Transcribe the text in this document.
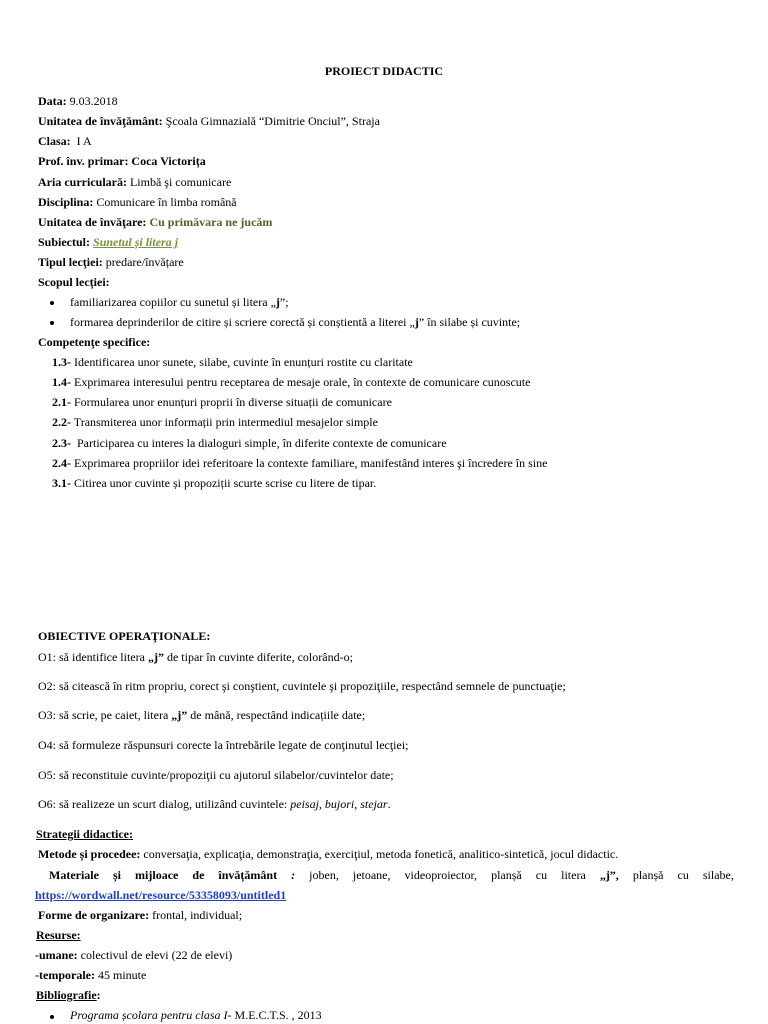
PROIECT DIDACTIC
Data: 9.03.2018
Unitatea de învăţământ: Şcoala Gimnazială “Dimitrie Onciul”, Straja
Clasa: I A
Prof. înv. primar: Coca Victorița
Aria curriculară: Limbă şi comunicare
Disciplina: Comunicare în limba română
Unitatea de învăţare: Cu primăvara ne jucăm
Subiectul: Sunetul și litera j
Tipul lecţiei: predare/învățare
Scopul lecției:
familiarizarea copiilor cu sunetul și litera „j”;
formarea deprinderilor de citire și scriere corectă și conștientă a literei „j” în silabe și cuvinte;
Competenţe specifice:
1.3- Identificarea unor sunete, silabe, cuvinte în enunțuri rostite cu claritate
1.4- Exprimarea interesului pentru receptarea de mesaje orale, în contexte de comunicare cunoscute
2.1- Formularea unor enunțuri proprii în diverse situații de comunicare
2.2- Transmiterea unor informații prin intermediul mesajelor simple
2.3-  Participarea cu interes la dialoguri simple, în diferite contexte de comunicare
2.4- Exprimarea propriilor idei referitoare la contexte familiare, manifestând interes şi încredere în sine
3.1- Citirea unor cuvinte și propoziții scurte scrise cu litere de tipar.
OBIECTIVE OPERAŢIONALE:
O1: să identifice litera „j” de tipar în cuvinte diferite, colorând-o;
O2: să citească în ritm propriu, corect şi conştient, cuvintele şi propoziţiile, respectând semnele de punctuaţie;
O3: să scrie, pe caiet, litera „j” de mână, respectând indicațiile date;
O4: să formuleze răspunsuri corecte la întrebările legate de conţinutul lecţiei;
O5: să reconstituie cuvinte/propoziţii cu ajutorul silabelor/cuvintelor date;
O6: să realizeze un scurt dialog, utilizând cuvintele: peisaj, bujori, stejar.
Strategii didactice:
Metode și procedee: conversaţia, explicaţia, demonstraţia, exerciţiul, metoda fonetică, analitico-sintetică, jocul didactic.
Materiale și mijloace de învățământ : joben, jetoane, videoproiector, planșă cu litera „j”, planșă cu silabe,
https://wordwall.net/resource/53358093/untitled1
Forme de organizare: frontal, individual;
Resurse:
-umane: colectivul de elevi (22 de elevi)
-temporale: 45 minute
Bibliografie:
Programa școlara pentru clasa I- M.E.C.T.S. , 2013
